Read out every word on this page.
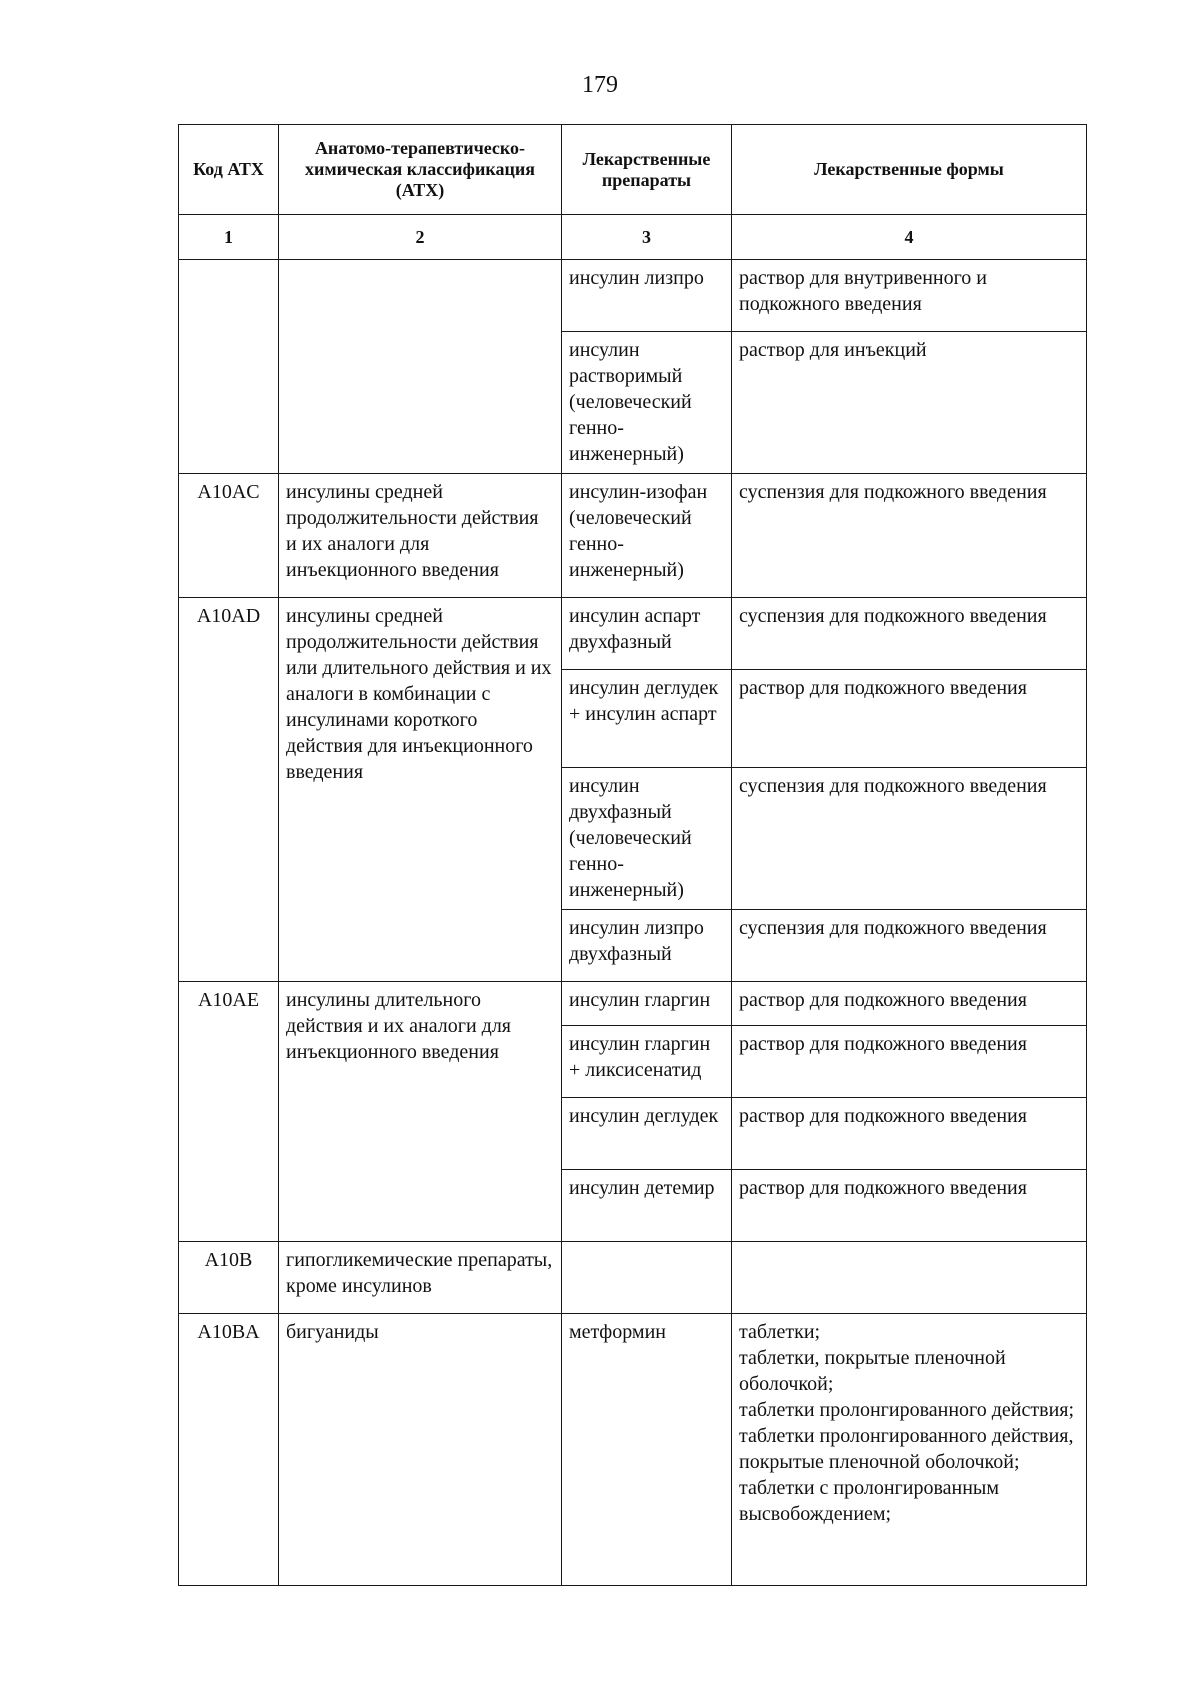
179
Код АТХ	Анатомо-терапевтическо-химическая классификация (АТХ)	Лекарственные препараты	Лекарственные формы
1	2	3	4
		инсулин лизпро	раствор для внутривенного и подкожного введения
		инсулин растворимый (человеческий генно-инженерный)	раствор для инъекций
A10AC	инсулины средней продолжительности действия и их аналоги для инъекционного введения	инсулин-изофан (человеческий генно-инженерный)	суспензия для подкожного введения
A10AD	инсулины средней продолжительности действия или длительного действия и их аналоги в комбинации с инсулинами короткого действия для инъекционного введения	инсулин аспарт двухфазный	суспензия для подкожного введения
		инсулин деглудек + инсулин аспарт	раствор для подкожного введения
		инсулин двухфазный (человеческий генно-инженерный)	суспензия для подкожного введения
		инсулин лизпро двухфазный	суспензия для подкожного введения
A10AE	инсулины длительного действия и их аналоги для инъекционного введения	инсулин гларгин	раствор для подкожного введения
		инсулин гларгин + ликсисенатид	раствор для подкожного введения
		инсулин деглудек	раствор для подкожного введения
		инсулин детемир	раствор для подкожного введения
A10B	гипогликемические препараты, кроме инсулинов		
A10BA	бигуаниды	метформин	таблетки;
таблетки, покрытые пленочной оболочкой;
таблетки пролонгированного действия;
таблетки пролонгированного действия, покрытые пленочной оболочкой;
таблетки с пролонгированным высвобождением;
